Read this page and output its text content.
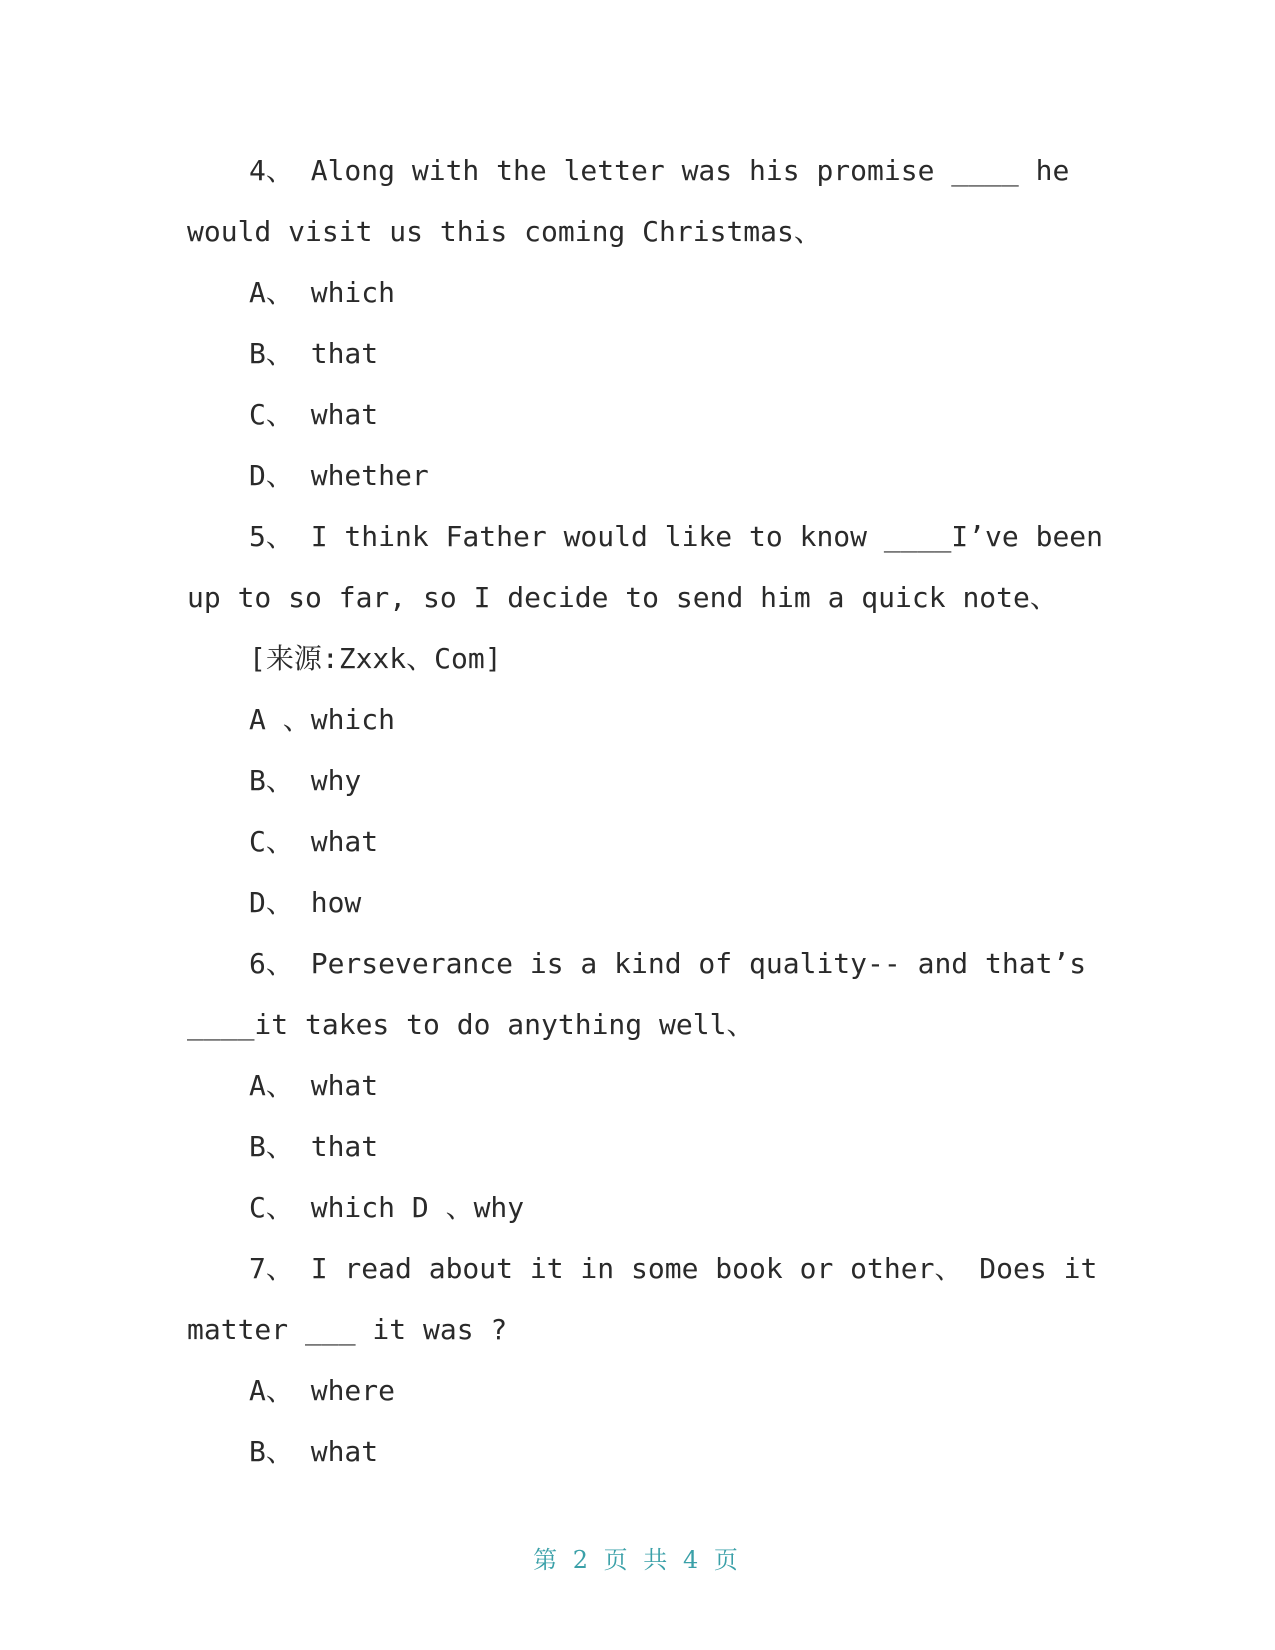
4、 Along with the letter was his promise ____ he
would visit us this coming Christmas、
A、 which
B、 that
C、 what
D、 whether
5、 I think Father would like to know ____I’ve been
up to so far, so I decide to send him a quick note、
[来源:Zxxk、Com]
A 、which
B、 why
C、 what
D、 how
6、 Perseverance is a kind of quality-- and that’s
____it takes to do anything well、
A、 what
B、 that
C、 which D 、why
7、 I read about it in some book or other、 Does it
matter ___ it was ?
A、 where
B、 what
第 2 页 共 4 页
